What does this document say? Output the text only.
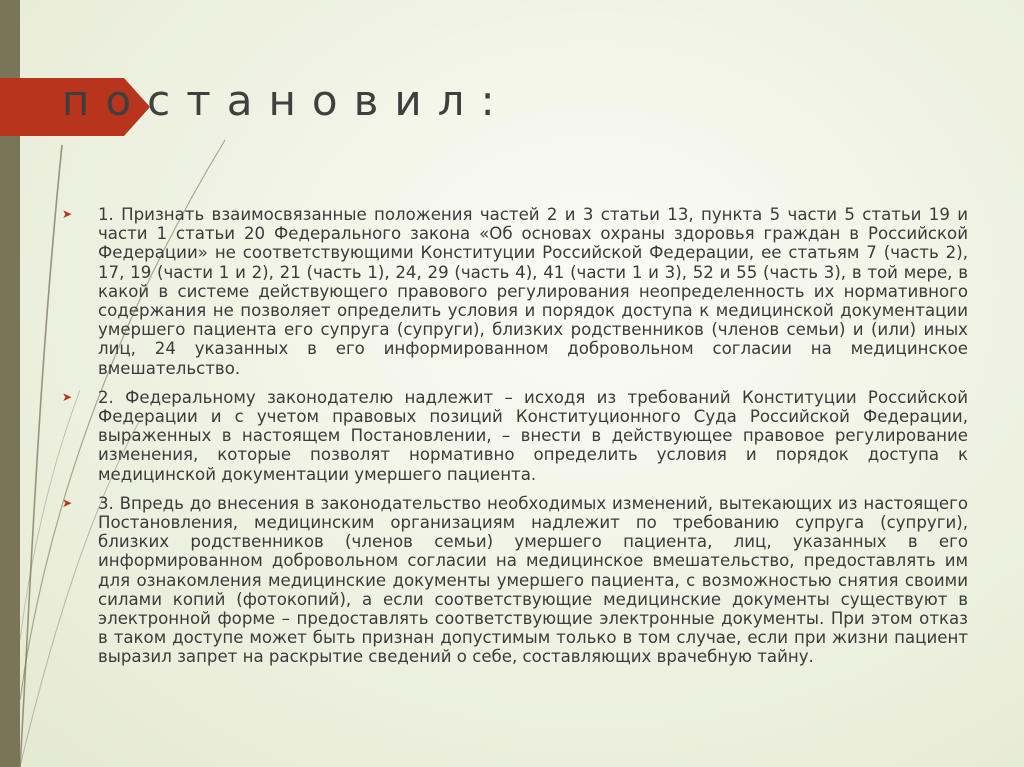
постановил:
➤ 1. Признать взаимосвязанные положения частей 2 и 3 статьи 13, пункта 5 части 5 статьи 19 и части 1 статьи 20 Федерального закона «Об основах охраны здоровья граждан в Российской Федерации» не соответствующими Конституции Российской Федерации, ее статьям 7 (часть 2), 17, 19 (части 1 и 2), 21 (часть 1), 24, 29 (часть 4), 41 (части 1 и 3), 52 и 55 (часть 3), в той мере, в какой в системе действующего правового регулирования неопределенность их нормативного содержания не позволяет определить условия и порядок доступа к медицинской документации умершего пациента его супруга (супруги), близких родственников (членов семьи) и (или) иных лиц, 24 указанных в его информированном добровольном согласии на медицинское вмешательство.

➤ 2. Федеральному законодателю надлежит – исходя из требований Конституции Российской Федерации и с учетом правовых позиций Конституционного Суда Российской Федерации, выраженных в настоящем Постановлении, – внести в действующее правовое регулирование изменения, которые позволят нормативно определить условия и порядок доступа к медицинской документации умершего пациента.

➤ 3. Впредь до внесения в законодательство необходимых изменений, вытекающих из настоящего Постановления, медицинским организациям надлежит по требованию супруга (супруги), близких родственников (членов семьи) умершего пациента, лиц, указанных в его информированном добровольном согласии на медицинское вмешательство, предоставлять им для ознакомления медицинские документы умершего пациента, с возможностью снятия своими силами копий (фотокопий), а если соответствующие медицинские документы существуют в электронной форме – предоставлять соответствующие электронные документы. При этом отказ в таком доступе может быть признан допустимым только в том случае, если при жизни пациент выразил запрет на раскрытие сведений о себе, составляющих врачебную тайну.
